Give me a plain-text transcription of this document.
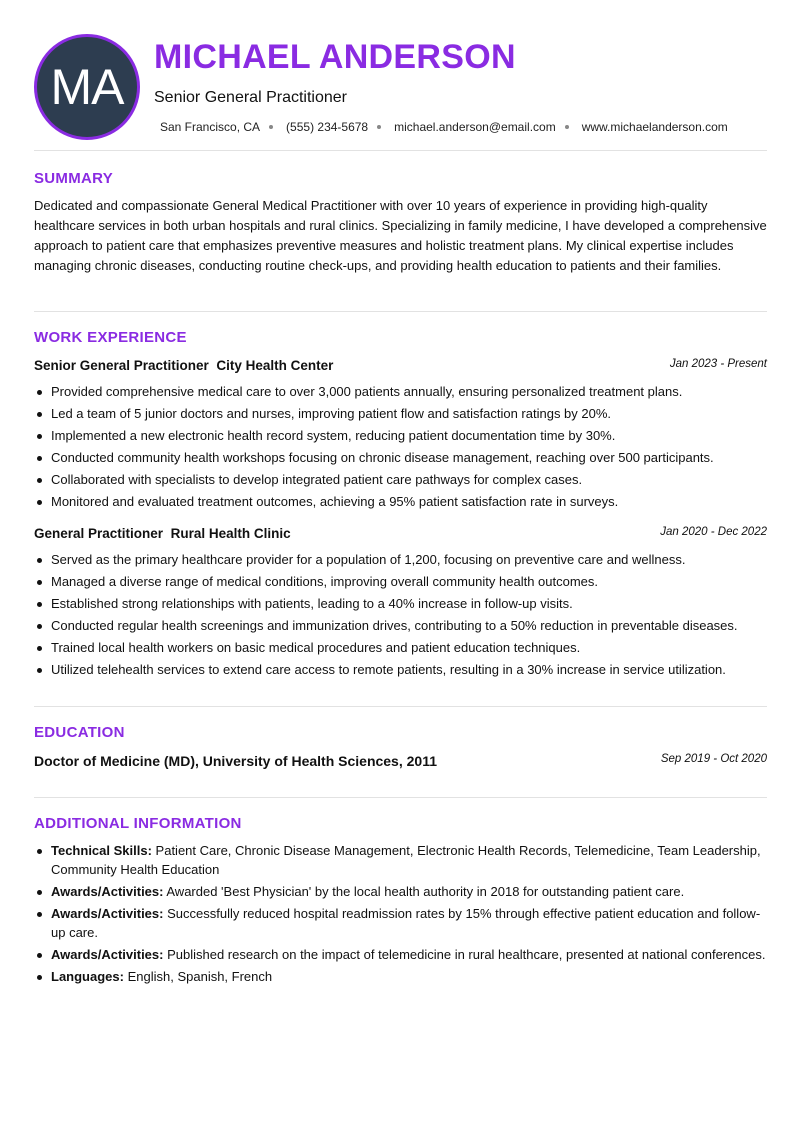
MA
MICHAEL ANDERSON
Senior General Practitioner
San Francisco, CA (555) 234-5678 michael.anderson@email.com www.michaelanderson.com
SUMMARY
Dedicated and compassionate General Medical Practitioner with over 10 years of experience in providing high-quality healthcare services in both urban hospitals and rural clinics. Specializing in family medicine, I have developed a comprehensive approach to patient care that emphasizes preventive measures and holistic treatment plans. My clinical expertise includes managing chronic diseases, conducting routine check-ups, and providing health education to patients and their families.
WORK EXPERIENCE
Senior General Practitioner City Health Center	Jan 2023 - Present
Provided comprehensive medical care to over 3,000 patients annually, ensuring personalized treatment plans.
Led a team of 5 junior doctors and nurses, improving patient flow and satisfaction ratings by 20%.
Implemented a new electronic health record system, reducing patient documentation time by 30%.
Conducted community health workshops focusing on chronic disease management, reaching over 500 participants.
Collaborated with specialists to develop integrated patient care pathways for complex cases.
Monitored and evaluated treatment outcomes, achieving a 95% patient satisfaction rate in surveys.
General Practitioner Rural Health Clinic	Jan 2020 - Dec 2022
Served as the primary healthcare provider for a population of 1,200, focusing on preventive care and wellness.
Managed a diverse range of medical conditions, improving overall community health outcomes.
Established strong relationships with patients, leading to a 40% increase in follow-up visits.
Conducted regular health screenings and immunization drives, contributing to a 50% reduction in preventable diseases.
Trained local health workers on basic medical procedures and patient education techniques.
Utilized telehealth services to extend care access to remote patients, resulting in a 30% increase in service utilization.
EDUCATION
Doctor of Medicine (MD), University of Health Sciences, 2011	Sep 2019 - Oct 2020
ADDITIONAL INFORMATION
Technical Skills: Patient Care, Chronic Disease Management, Electronic Health Records, Telemedicine, Team Leadership, Community Health Education
Awards/Activities: Awarded 'Best Physician' by the local health authority in 2018 for outstanding patient care.
Awards/Activities: Successfully reduced hospital readmission rates by 15% through effective patient education and follow-up care.
Awards/Activities: Published research on the impact of telemedicine in rural healthcare, presented at national conferences.
Languages: English, Spanish, French
